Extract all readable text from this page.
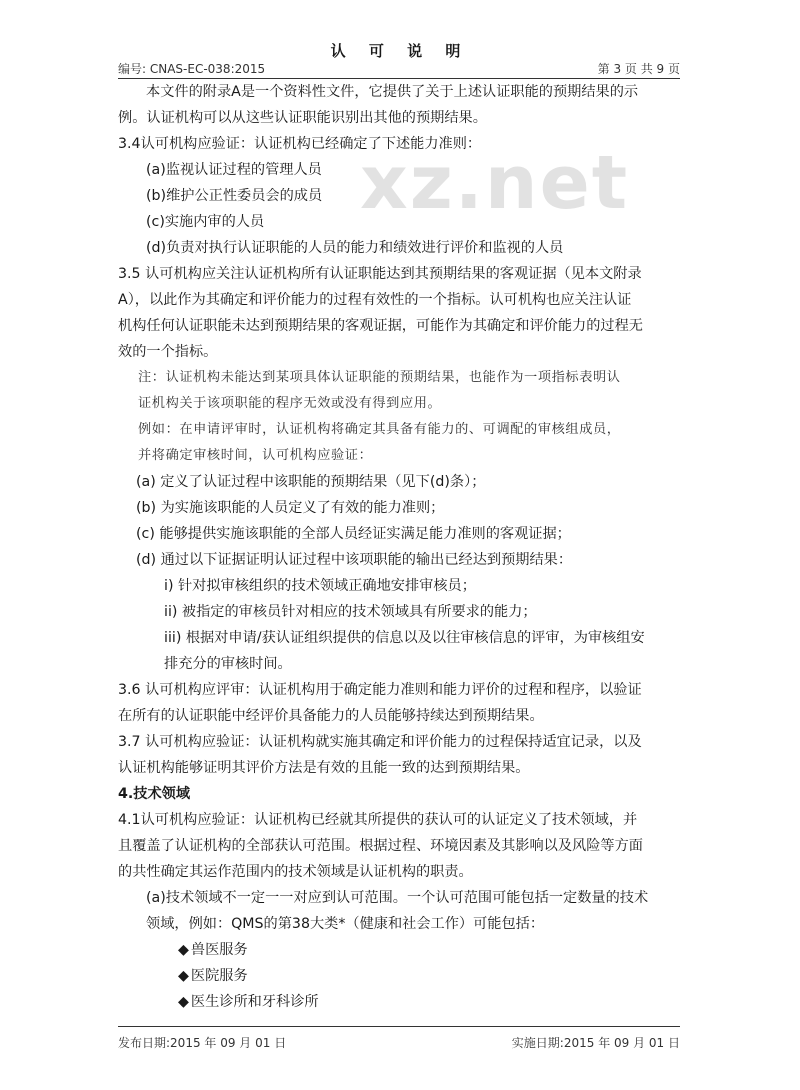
xz.net
认 可 说 明
编号: CNAS-EC-038:2015	第 3 页 共 9 页

本文件的附录A是一个资料性文件，它提供了关于上述认证职能的预期结果的示

例。认证机构可以从这些认证职能识别出其他的预期结果。

3.4认可机构应验证：认证机构已经确定了下述能力准则：

(a)监视认证过程的管理人员

(b)维护公正性委员会的成员

(c)实施内审的人员

(d)负责对执行认证职能的人员的能力和绩效进行评价和监视的人员

3.5 认可机构应关注认证机构所有认证职能达到其预期结果的客观证据（见本文附录

A），以此作为其确定和评价能力的过程有效性的一个指标。认可机构也应关注认证

机构任何认证职能未达到预期结果的客观证据，可能作为其确定和评价能力的过程无

效的一个指标。

注：认证机构未能达到某项具体认证职能的预期结果，也能作为一项指标表明认

证机构关于该项职能的程序无效或没有得到应用。

例如：在申请评审时，认证机构将确定其具备有能力的、可调配的审核组成员，

并将确定审核时间，认可机构应验证：

(a) 定义了认证过程中该职能的预期结果（见下(d)条）；

(b) 为实施该职能的人员定义了有效的能力准则；

(c) 能够提供实施该职能的全部人员经证实满足能力准则的客观证据；

(d) 通过以下证据证明认证过程中该项职能的输出已经达到预期结果：

i) 针对拟审核组织的技术领域正确地安排审核员；

ii) 被指定的审核员针对相应的技术领域具有所要求的能力；

iii) 根据对申请/获认证组织提供的信息以及以往审核信息的评审，为审核组安

排充分的审核时间。

3.6 认可机构应评审：认证机构用于确定能力准则和能力评价的过程和程序，以验证

在所有的认证职能中经评价具备能力的人员能够持续达到预期结果。

3.7 认可机构应验证：认证机构就实施其确定和评价能力的过程保持适宜记录，以及

认证机构能够证明其评价方法是有效的且能一致的达到预期结果。

4.技术领域

4.1认可机构应验证：认证机构已经就其所提供的获认可的认证定义了技术领域，并

且覆盖了认证机构的全部获认可范围。根据过程、环境因素及其影响以及风险等方面

的共性确定其运作范围内的技术领域是认证机构的职责。

(a)技术领域不一定一一对应到认可范围。一个认可范围可能包括一定数量的技术

领域，例如：QMS的第38大类*（健康和社会工作）可能包括：

◆ 兽医服务

◆ 医院服务

◆ 医生诊所和牙科诊所

发布日期:2015 年 09 月 01 日	实施日期:2015 年 09 月 01 日
